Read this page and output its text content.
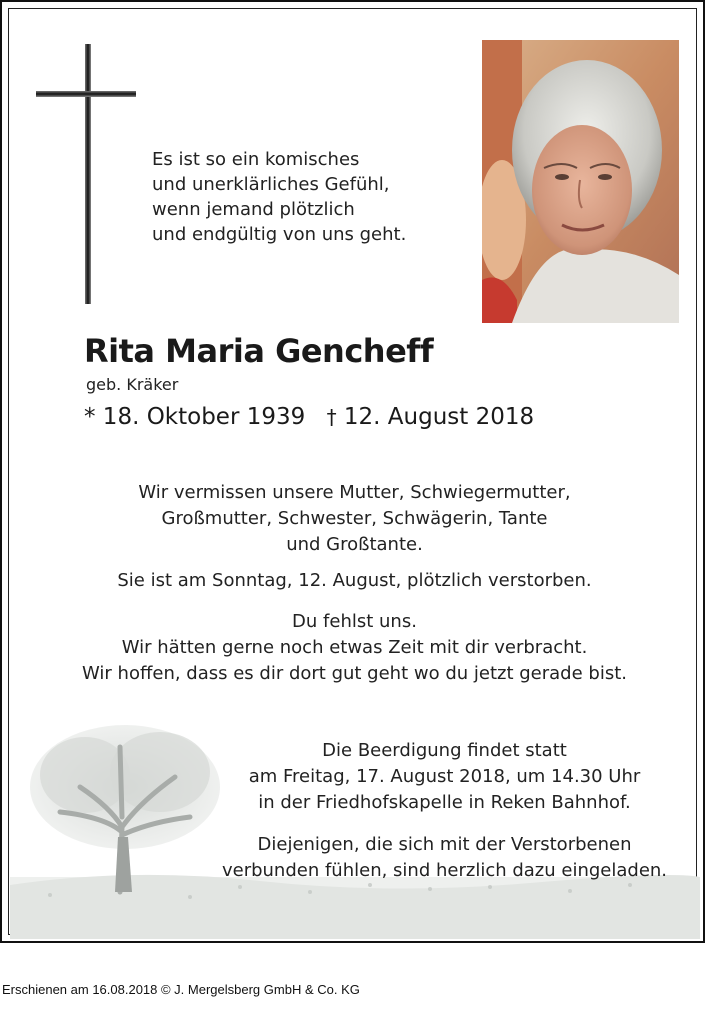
Es ist so ein komisches
und unerklärliches Gefühl,
wenn jemand plötzlich
und endgültig von uns geht.
Rita Maria Gencheff
geb. Kräker
* 18. Oktober 1939 † 12. August 2018
Wir vermissen unsere Mutter, Schwiegermutter,
Großmutter, Schwester, Schwägerin, Tante
und Großtante.
Sie ist am Sonntag, 12. August, plötzlich verstorben.
Du fehlst uns.
Wir hätten gerne noch etwas Zeit mit dir verbracht.
Wir hoffen, dass es dir dort gut geht wo du jetzt gerade bist.
Die Beerdigung findet statt
am Freitag, 17. August 2018, um 14.30 Uhr
in der Friedhofskapelle in Reken Bahnhof.
Diejenigen, die sich mit der Verstorbenen
verbunden fühlen, sind herzlich dazu eingeladen.
Erschienen am 16.08.2018 © J. Mergelsberg GmbH & Co. KG
